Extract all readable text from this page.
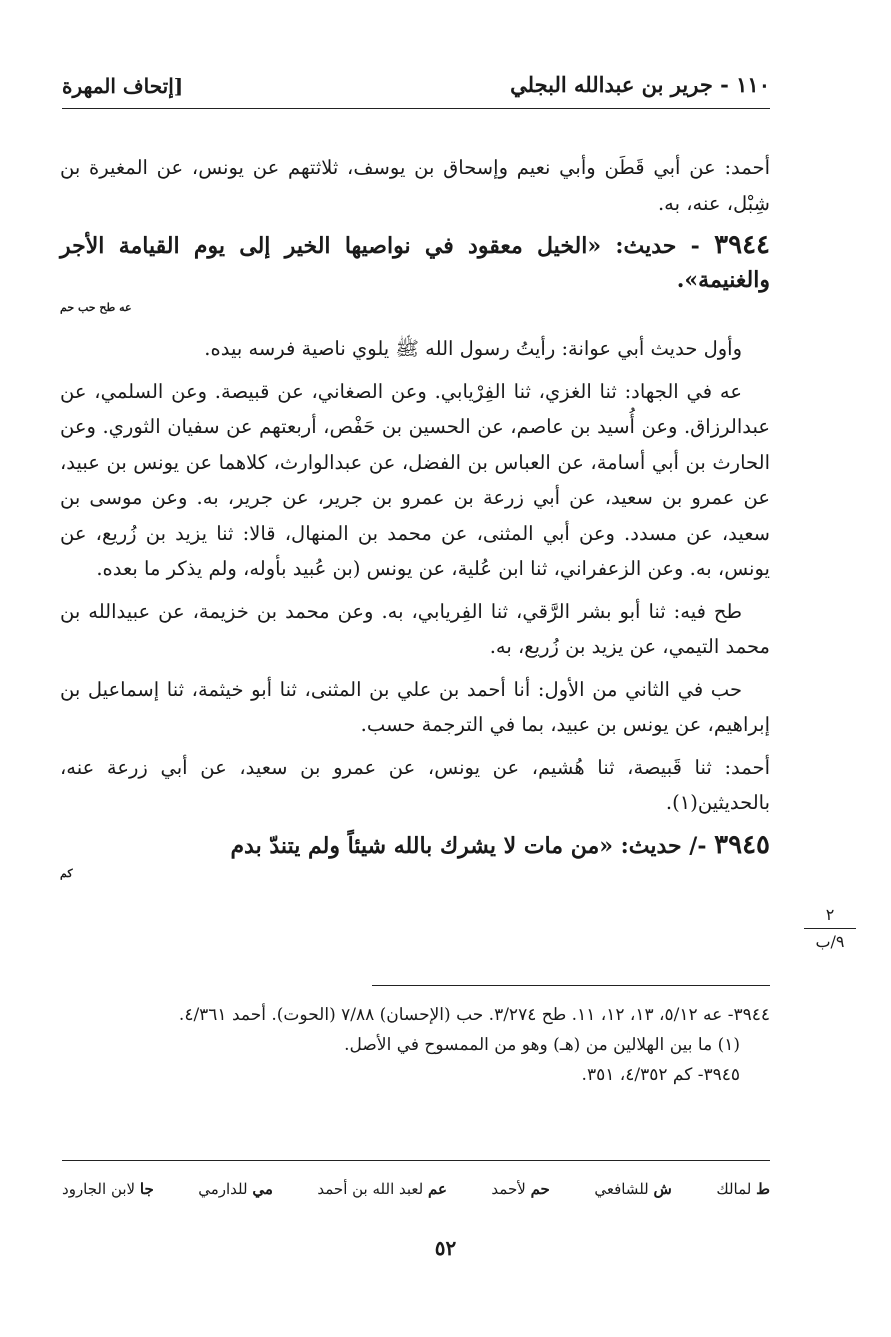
١١٠ - جرير بن عبدالله البجلي
[إتحاف المهرة

أحمد: عن أبي قَطَن وأبي نعيم وإسحاق بن يوسف، ثلاثتهم عن يونس، عن المغيرة بن شِبْل، عنه، به.

٣٩٤٤ - حديث: «الخيل معقود في نواصيها الخير إلى يوم القيامة الأجر والغنيمة».
عه طح حب حم

وأول حديث أبي عوانة: رأيتُ رسول الله ﷺ يلوي ناصية فرسه بيده.

عه في الجهاد: ثنا الغزي، ثنا الفِرْيابي. وعن الصغاني، عن قبيصة. وعن السلمي، عن عبدالرزاق. وعن أُسيد بن عاصم، عن الحسين بن حَفْص، أربعتهم عن سفيان الثوري. وعن الحارث بن أبي أسامة، عن العباس بن الفضل، عن عبدالوارث، كلاهما عن يونس بن عبيد، عن عمرو بن سعيد، عن أبي زرعة بن عمرو بن جرير، عن جرير، به. وعن موسى بن سعيد، عن مسدد. وعن أبي المثنى، عن محمد بن المنهال، قالا: ثنا يزيد بن زُريع، عن يونس، به. وعن الزعفراني، ثنا ابن عُلية، عن يونس (بن عُبيد بأوله، ولم يذكر ما بعده.

طح فيه: ثنا أبو بشر الرَّقي، ثنا الفِريابي، به. وعن محمد بن خزيمة، عن عبيدالله بن محمد التيمي، عن يزيد بن زُريع، به.

حب في الثاني من الأول: أنا أحمد بن علي بن المثنى، ثنا أبو خيثمة، ثنا إسماعيل بن إبراهيم، عن يونس بن عبيد، بما في الترجمة حسب.

أحمد: ثنا قَبيصة، ثنا هُشيم، عن يونس، عن عمرو بن سعيد، عن أبي زرعة عنه، بالحديثين(١).

٣٩٤٥ -/ حديث: «من مات لا يشرك بالله شيئاً ولم يتندّ بدم
كم
٢
٩/ب
٣٩٤٤- عه ٥/١٢، ١٣، ١٢، ١١. طح ٣/٢٧٤. حب (الإحسان) ٧/٨٨ (الحوت). أحمد ٤/٣٦١.
(١) ما بين الهلالين من (هـ) وهو من الممسوح في الأصل.
٣٩٤٥- كم ٤/٣٥٢، ٣٥١.
ط لمالك
ش للشافعي
حم لأحمد
عم لعبد الله بن أحمد
مي للدارمي
جا لابن الجارود
٥٢
